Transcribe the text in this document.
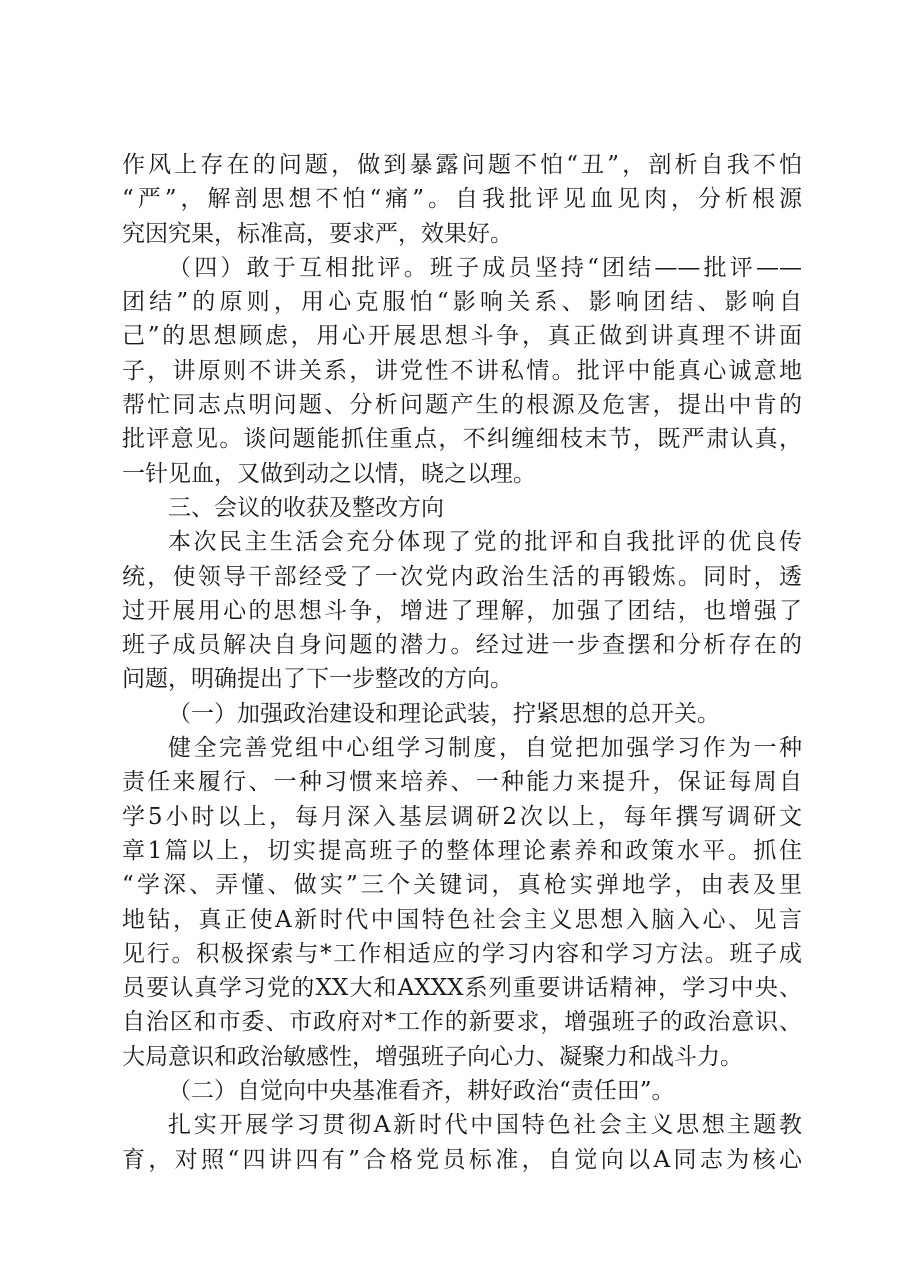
作风上存在的问题，做到暴露问题不怕“丑”，剖析自我不怕
“严”，解剖思想不怕“痛”。自我批评见血见肉，分析根源
究因究果，标准高，要求严，效果好。
（四）敢于互相批评。班子成员坚持“团结——批评——
团结”的原则，用心克服怕“影响关系、影响团结、影响自
己”的思想顾虑，用心开展思想斗争，真正做到讲真理不讲面
子，讲原则不讲关系，讲党性不讲私情。批评中能真心诚意地
帮忙同志点明问题、分析问题产生的根源及危害，提出中肯的
批评意见。谈问题能抓住重点，不纠缠细枝末节，既严肃认真，
一针见血，又做到动之以情，晓之以理。
三、会议的收获及整改方向
本次民主生活会充分体现了党的批评和自我批评的优良传
统，使领导干部经受了一次党内政治生活的再锻炼。同时，透
过开展用心的思想斗争，增进了理解，加强了团结，也增强了
班子成员解决自身问题的潜力。经过进一步查摆和分析存在的
问题，明确提出了下一步整改的方向。
（一）加强政治建设和理论武装，拧紧思想的总开关。
健全完善党组中心组学习制度，自觉把加强学习作为一种
责任来履行、一种习惯来培养、一种能力来提升，保证每周自
学5小时以上，每月深入基层调研2次以上，每年撰写调研文
章1篇以上，切实提高班子的整体理论素养和政策水平。抓住
“学深、弄懂、做实”三个关键词，真枪实弹地学，由表及里
地钻，真正使A新时代中国特色社会主义思想入脑入心、见言
见行。积极探索与*工作相适应的学习内容和学习方法。班子成
员要认真学习党的XX大和AXXX系列重要讲话精神，学习中央、
自治区和市委、市政府对*工作的新要求，增强班子的政治意识、
大局意识和政治敏感性，增强班子向心力、凝聚力和战斗力。
（二）自觉向中央基准看齐，耕好政治“责任田”。
扎实开展学习贯彻A新时代中国特色社会主义思想主题教
育，对照“四讲四有”合格党员标准，自觉向以A同志为核心
